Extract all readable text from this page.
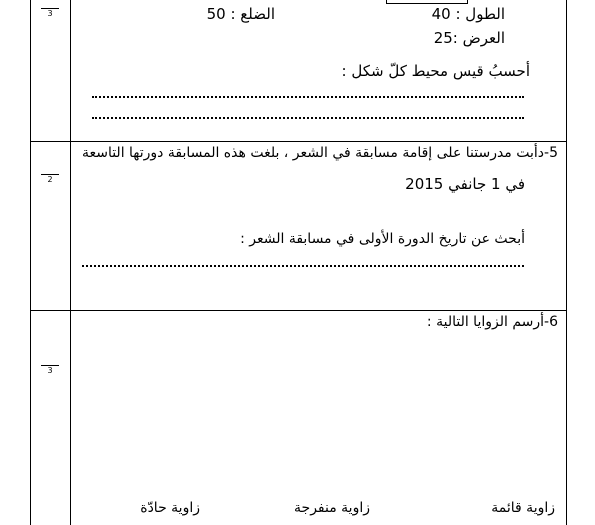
.
3	الطول : 40
الضلع : 50
العرض :25
أحسبُ قيس محيط كلّ شكل :
.
2
5-دأبت مدرستنا على إقامة مسابقة في الشعر ، بلغت هذه المسابقة دورتها التاسعة
في 1 جانفي 2015
أبحث عن تاريخ الدورة الأولى في مسابقة الشعر :
.
3
6-أرسم الزوايا التالية :
زاوية قائمة
زاوية منفرجة
زاوية حادّة
